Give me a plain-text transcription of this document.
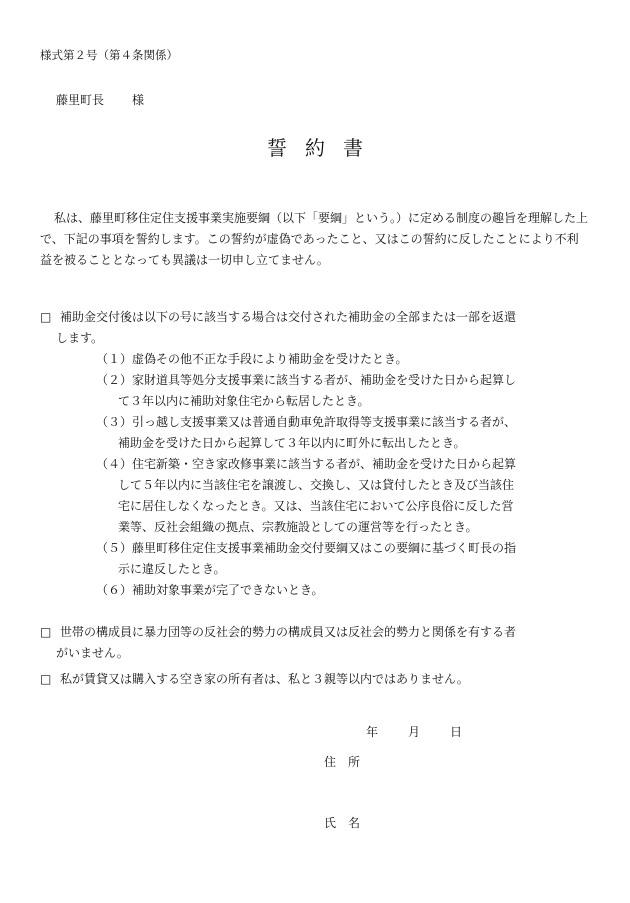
様式第２号（第４条関係）
藤里町長 様
誓約書
私は、藤里町移住定住支援事業実施要綱（以下「要綱」という。）に定める制度の趣旨を理解した上で、下記の事項を誓約します。この誓約が虚偽であったこと、又はこの誓約に反したことにより不利益を被ることとなっても異議は一切申し立てません。
□ 補助金交付後は以下の号に該当する場合は交付された補助金の全部または一部を返還
します。
（１）虚偽その他不正な手段により補助金を受けたとき。
（２）家財道具等処分支援事業に該当する者が、補助金を受けた日から起算し
て３年以内に補助対象住宅から転居したとき。
（３）引っ越し支援事業又は普通自動車免許取得等支援事業に該当する者が、
補助金を受けた日から起算して３年以内に町外に転出したとき。
（４）住宅新築・空き家改修事業に該当する者が、補助金を受けた日から起算
して５年以内に当該住宅を譲渡し、交換し、又は貸付したとき及び当該住
宅に居住しなくなったとき。又は、当該住宅において公序良俗に反した営
業等、反社会組織の拠点、宗教施設としての運営等を行ったとき。
（５）藤里町移住定住支援事業補助金交付要綱又はこの要綱に基づく町長の指
示に違反したとき。
（６）補助対象事業が完了できないとき。
□ 世帯の構成員に暴力団等の反社会的勢力の構成員又は反社会的勢力と関係を有する者
がいません。
□ 私が賃貸又は購入する空き家の所有者は、私と３親等以内ではありません。
年	月	日
住　所
氏　名
